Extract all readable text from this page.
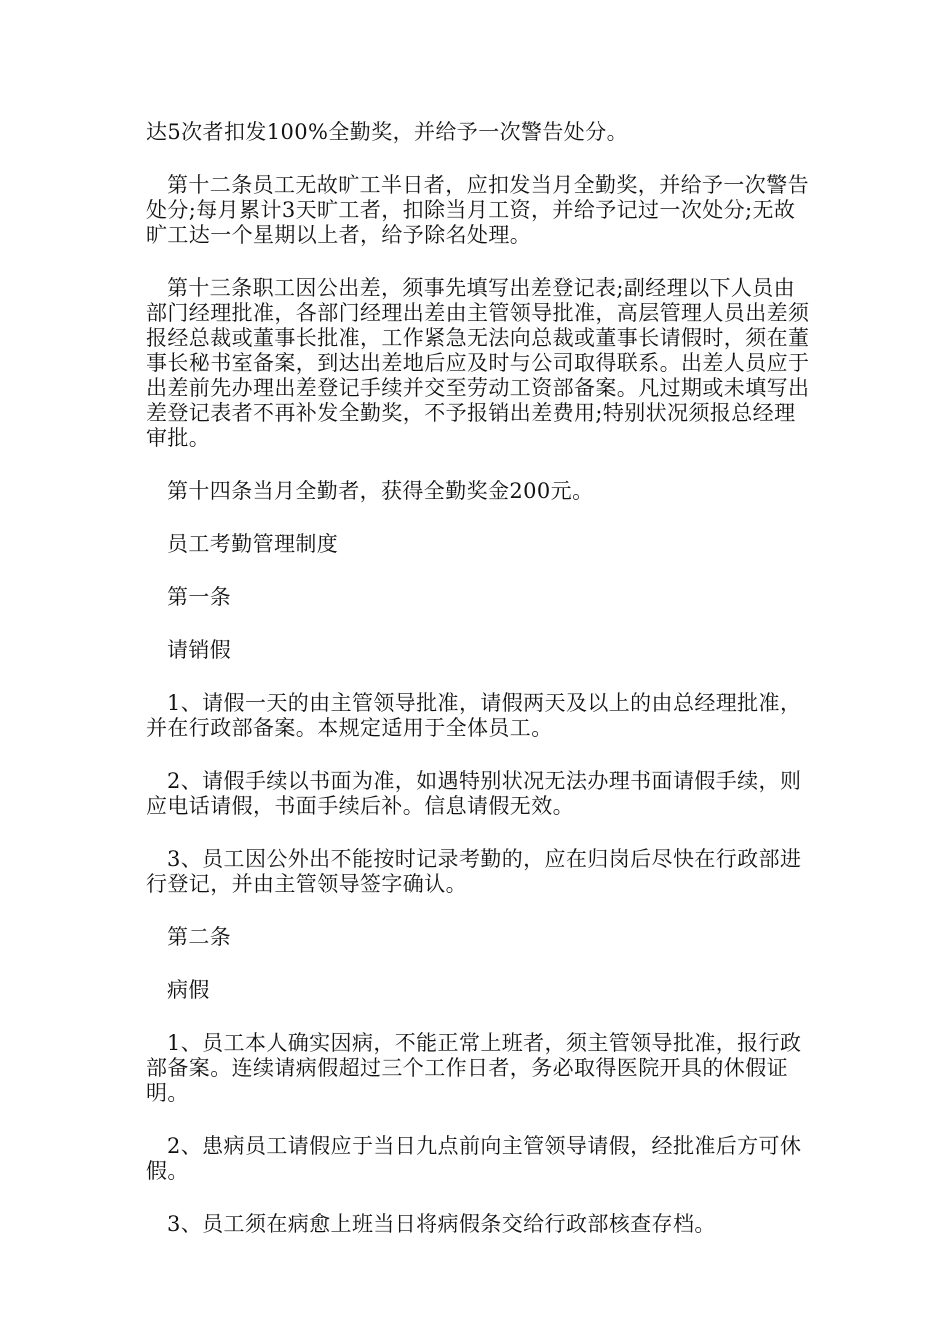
达5次者扣发100%全勤奖，并给予一次警告处分。

第十二条员工无故旷工半日者，应扣发当月全勤奖，并给予一次警告处分;每月累计3天旷工者，扣除当月工资，并给予记过一次处分;无故旷工达一个星期以上者，给予除名处理。

第十三条职工因公出差，须事先填写出差登记表;副经理以下人员由部门经理批准，各部门经理出差由主管领导批准，高层管理人员出差须报经总裁或董事长批准，工作紧急无法向总裁或董事长请假时，须在董事长秘书室备案，到达出差地后应及时与公司取得联系。出差人员应于出差前先办理出差登记手续并交至劳动工资部备案。凡过期或未填写出差登记表者不再补发全勤奖，不予报销出差费用;特别状况须报总经理审批。

第十四条当月全勤者，获得全勤奖金200元。

员工考勤管理制度

第一条

请销假

1、请假一天的由主管领导批准，请假两天及以上的由总经理批准，并在行政部备案。本规定适用于全体员工。

2、请假手续以书面为准，如遇特别状况无法办理书面请假手续，则应电话请假，书面手续后补。信息请假无效。

3、员工因公外出不能按时记录考勤的，应在归岗后尽快在行政部进行登记，并由主管领导签字确认。

第二条

病假

1、员工本人确实因病，不能正常上班者，须主管领导批准，报行政部备案。连续请病假超过三个工作日者，务必取得医院开具的休假证明。

2、患病员工请假应于当日九点前向主管领导请假，经批准后方可休假。

3、员工须在病愈上班当日将病假条交给行政部核查存档。
